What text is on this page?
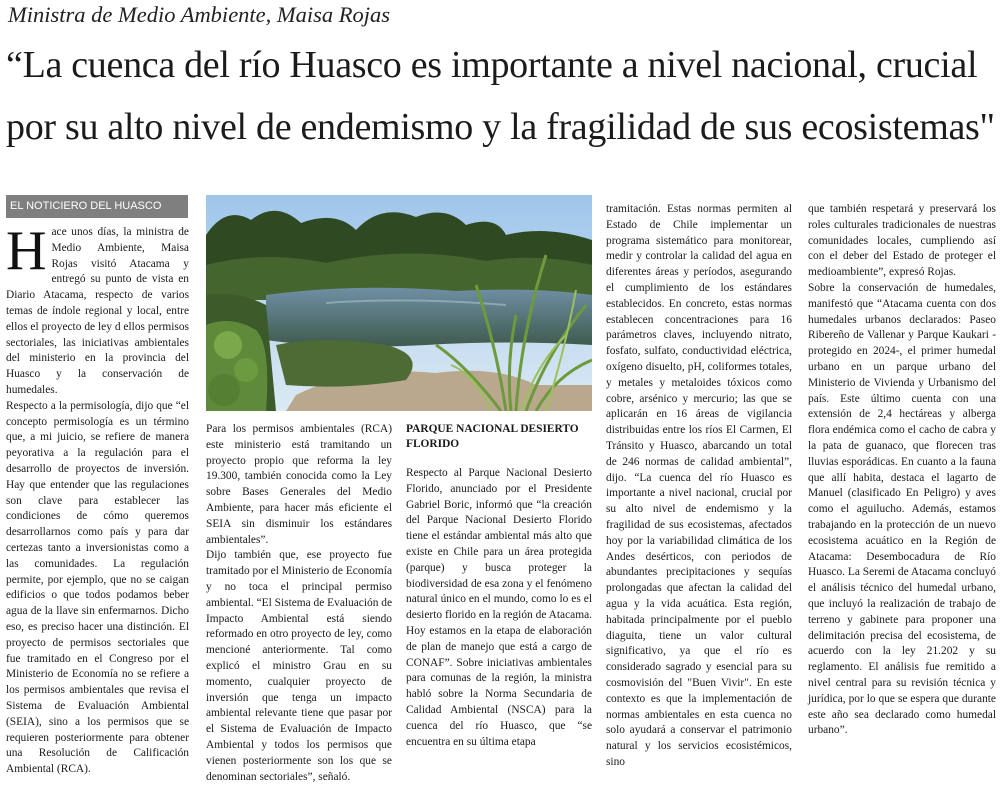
Ministra de Medio Ambiente, Maisa Rojas
“La cuenca del río Huasco es importante a nivel nacional, crucial por su alto nivel de endemismo y la fragilidad de sus ecosistemas"
EL NOTICIERO DEL HUASCO

Hace unos días, la ministra de Medio Ambiente, Maisa Rojas visitó Atacama y entregó su punto de vista en Diario Atacama, respecto de varios temas de índole regional y local, entre ellos el proyecto de ley d ellos permisos sectoriales, las iniciativas ambientales del ministerio en la provincia del Huasco y la conservación de humedales.

Respecto a la permisología, dijo que “el concepto permisología es un término que, a mi juicio, se refiere de manera peyorativa a la regulación para el desarrollo de proyectos de inversión. Hay que entender que las regulaciones son clave para establecer las condiciones de cómo queremos desarrollarnos como país y para dar certezas tanto a inversionistas como a las comunidades. La regulación permite, por ejemplo, que no se caigan edificios o que todos podamos beber agua de la llave sin enfermarnos. Dicho eso, es preciso hacer una distinción. El proyecto de permisos sectoriales que fue tramitado en el Congreso por el Ministerio de Economía no se refiere a los permisos ambientales que revisa el Sistema de Evaluación Ambiental (SEIA), sino a los permisos que se requieren posteriormente para obtener una Resolución de Calificación Ambiental (RCA).

Para los permisos ambientales (RCA) este ministerio está tramitando un proyecto propio que reforma la ley 19.300, también conocida como la Ley sobre Bases Generales del Medio Ambiente, para hacer más eficiente el SEIA sin disminuir los estándares ambientales”.

Dijo también que, ese proyecto fue tramitado por el Ministerio de Economía y no toca el principal permiso ambiental. “El Sistema de Evaluación de Impacto Ambiental está siendo reformado en otro proyecto de ley, como mencioné anteriormente. Tal como explicó el ministro Grau en su momento, cualquier proyecto de inversión que tenga un impacto ambiental relevante tiene que pasar por el Sistema de Evaluación de Impacto Ambiental y todos los permisos que vienen posteriormente son los que se denominan sectoriales”, señaló.

PARQUE NACIONAL DESIERTO FLORIDO

Respecto al Parque Nacional Desierto Florido, anunciado por el Presidente Gabriel Boric, informó que “la creación del Parque Nacional Desierto Florido tiene el estándar ambiental más alto que existe en Chile para un área protegida (parque) y busca proteger la biodiversidad de esa zona y el fenómeno natural único en el mundo, como lo es el desierto florido en la región de Atacama. Hoy estamos en la etapa de elaboración de plan de manejo que está a cargo de CONAF”. Sobre iniciativas ambientales para comunas de la región, la ministra habló sobre la Norma Secundaria de Calidad Ambiental (NSCA) para la cuenca del río Huasco, que “se encuentra en su última etapa

tramitación. Estas normas permiten al Estado de Chile implementar un programa sistemático para monitorear, medir y controlar la calidad del agua en diferentes áreas y períodos, asegurando el cumplimiento de los estándares establecidos. En concreto, estas normas establecen concentraciones para 16 parámetros claves, incluyendo nitrato, fosfato, sulfato, conductividad eléctrica, oxígeno disuelto, pH, coliformes totales, y metales y metaloides tóxicos como cobre, arsénico y mercurio; las que se aplicarán en 16 áreas de vigilancia distribuidas entre los ríos El Carmen, El Tránsito y Huasco, abarcando un total de 246 normas de calidad ambiental”, dijo. “La cuenca del río Huasco es importante a nivel nacional, crucial por su alto nivel de endemismo y la fragilidad de sus ecosistemas, afectados hoy por la variabilidad climática de los Andes desérticos, con periodos de abundantes precipitaciones y sequías prolongadas que afectan la calidad del agua y la vida acuática. Esta región, habitada principalmente por el pueblo diaguita, tiene un valor cultural significativo, ya que el río es considerado sagrado y esencial para su cosmovisión del "Buen Vivir". En este contexto es que la implementación de normas ambientales en esta cuenca no solo ayudará a conservar el patrimonio natural y los servicios ecosistémicos, sino

que también respetará y preservará los roles culturales tradicionales de nuestras comunidades locales, cumpliendo así con el deber del Estado de proteger el medioambiente”, expresó Rojas.

Sobre la conservación de humedales, manifestó que “Atacama cuenta con dos humedales urbanos declarados: Paseo Ribereño de Vallenar y Parque Kaukari -protegido en 2024-, el primer humedal urbano en un parque urbano del Ministerio de Vivienda y Urbanismo del país. Este último cuenta con una extensión de 2,4 hectáreas y alberga flora endémica como el cacho de cabra y la pata de guanaco, que florecen tras lluvias esporádicas. En cuanto a la fauna que allí habita, destaca el lagarto de Manuel (clasificado En Peligro) y aves como el aguilucho. Además, estamos trabajando en la protección de un nuevo ecosistema acuático en la Región de Atacama: Desembocadura de Río Huasco. La Seremi de Atacama concluyó el análisis técnico del humedal urbano, que incluyó la realización de trabajo de terreno y gabinete para proponer una delimitación precisa del ecosistema, de acuerdo con la ley 21.202 y su reglamento. El análisis fue remitido a nivel central para su revisión técnica y jurídica, por lo que se espera que durante este año sea declarado como humedal urbano”.
